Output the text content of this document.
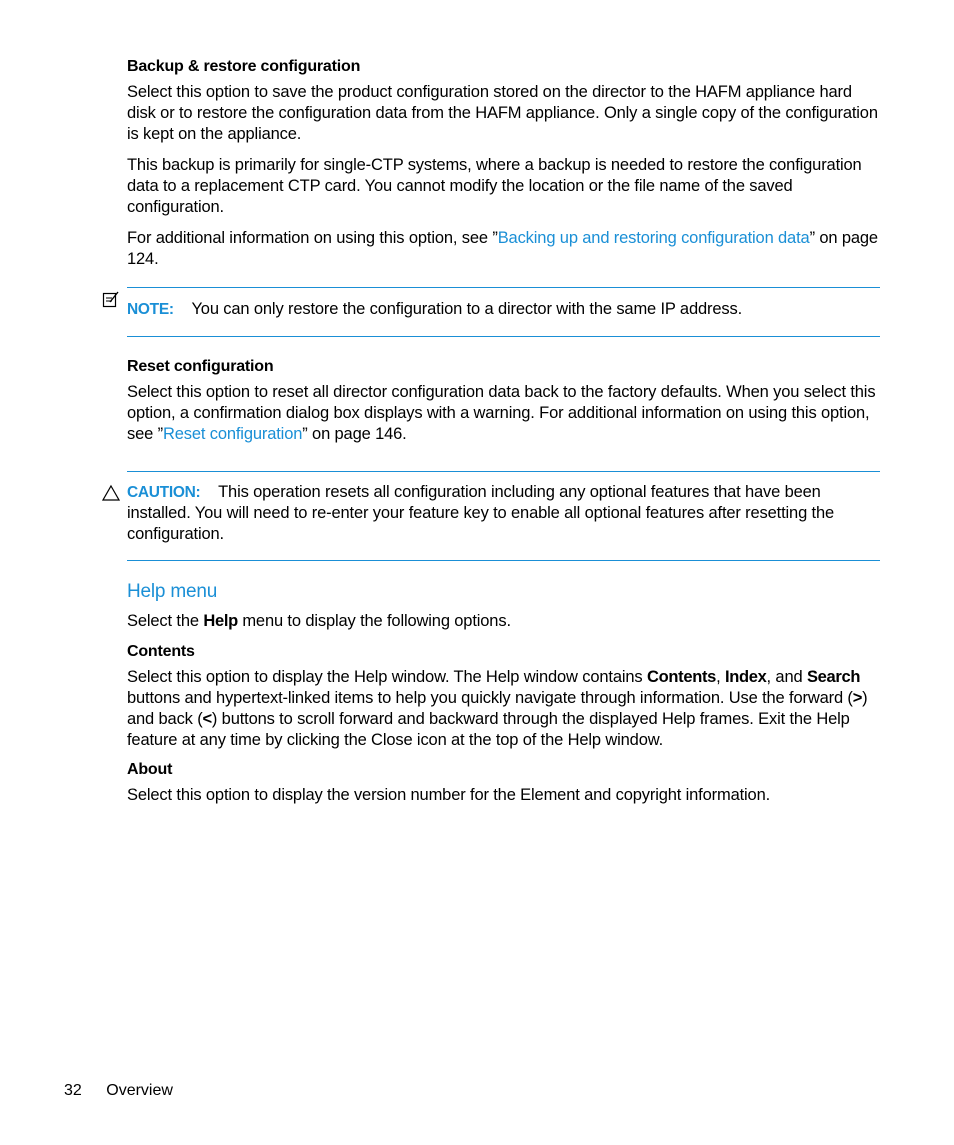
Backup & restore configuration

Select this option to save the product configuration stored on the director to the HAFM appliance hard disk or to restore the configuration data from the HAFM appliance. Only a single copy of the configuration is kept on the appliance.

This backup is primarily for single-CTP systems, where a backup is needed to restore the configuration data to a replacement CTP card. You cannot modify the location or the file name of the saved configuration.

For additional information on using this option, see ”Backing up and restoring configuration data” on page 124.

NOTE: You can only restore the configuration to a director with the same IP address.
Reset configuration

Select this option to reset all director configuration data back to the factory defaults. When you select this option, a confirmation dialog box displays with a warning. For additional information on using this option, see ”Reset configuration” on page 146.

CAUTION: This operation resets all configuration including any optional features that have been installed. You will need to re-enter your feature key to enable all optional features after resetting the configuration.
Help menu

Select the Help menu to display the following options.

Contents

Select this option to display the Help window. The Help window contains Contents, Index, and Search buttons and hypertext-linked items to help you quickly navigate through information. Use the forward (>) and back (<) buttons to scroll forward and backward through the displayed Help frames. Exit the Help feature at any time by clicking the Close icon at the top of the Help window.

About

Select this option to display the version number for the Element and copyright information.

32 Overview
